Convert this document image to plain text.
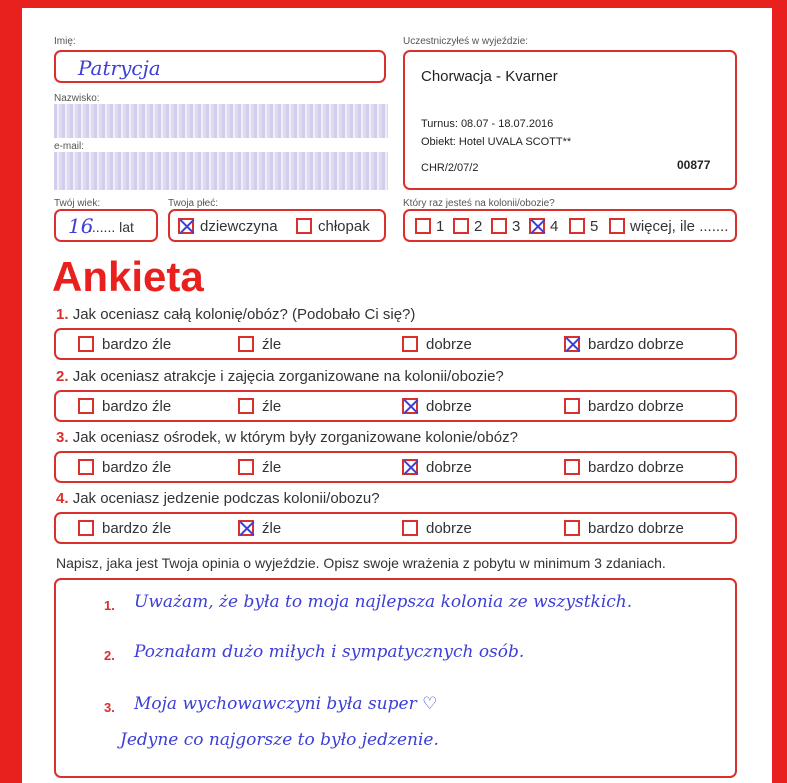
Imię:
Patrycja
Nazwisko:
e-mail:
Twój wiek:
16
....... lat
Twoja płeć:
dziewczyna	chłopak
Uczestniczyłeś w wyjeździe:
Chorwacja - Kvarner
Turnus: 08.07 - 18.07.2016
Obiekt: Hotel UVALA SCOTT**
CHR/2/07/2	00877
Który raz jesteś na kolonii/obozie?
1 2 3 4 5 więcej, ile .......
Ankieta
1. Jak oceniasz całą kolonię/obóz? (Podobało Ci się?)
bardzo źle	źle	dobrze	bardzo dobrze
2. Jak oceniasz atrakcje i zajęcia zorganizowane na kolonii/obozie?
bardzo źle	źle	dobrze	bardzo dobrze
3. Jak oceniasz ośrodek, w którym były zorganizowane kolonie/obóz?
bardzo źle	źle	dobrze	bardzo dobrze
4. Jak oceniasz jedzenie podczas kolonii/obozu?
bardzo źle	źle	dobrze	bardzo dobrze
Napisz, jaka jest Twoja opinia o wyjeździe. Opisz swoje wrażenia z pobytu w minimum 3 zdaniach.
1. Uważam, że była to moja najlepsza kolonia ze wszystkich.
2. Poznałam dużo miłych i sympatycznych osób.
3. Moja wychowawczyni była super ♡
Jedyne co najgorsze to było jedzenie.
